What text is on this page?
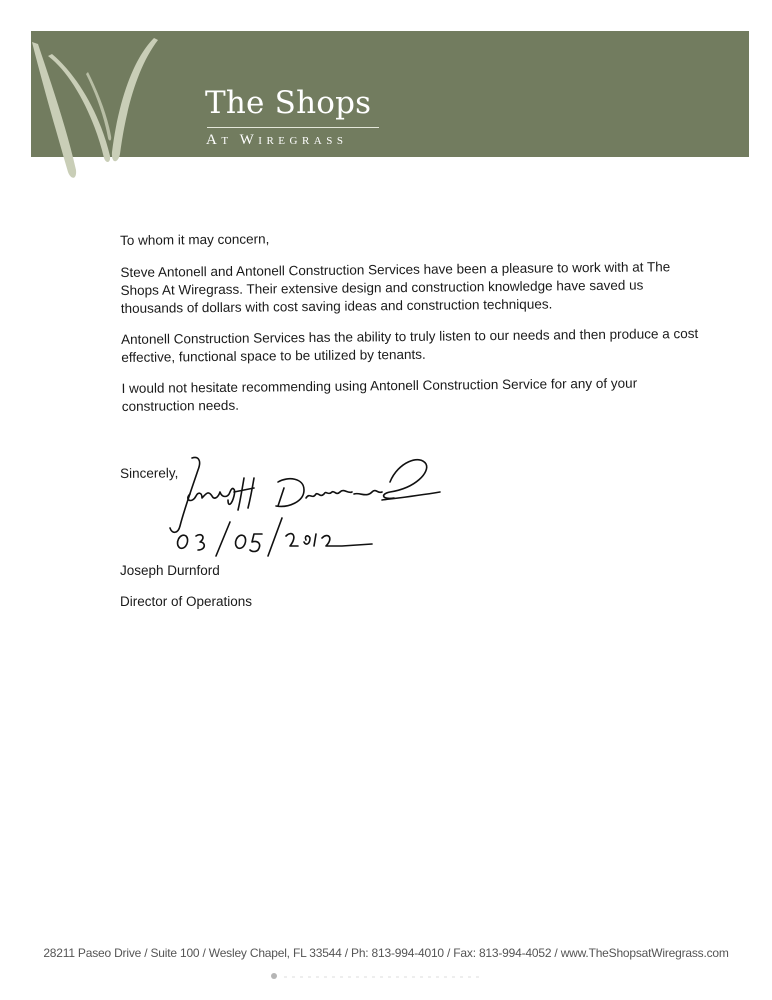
The Shops
AT WIREGRASS

To whom it may concern,

Steve Antonell and Antonell Construction Services have been a pleasure to work with at The Shops At Wiregrass. Their extensive design and construction knowledge have saved us thousands of dollars with cost saving ideas and construction techniques.

Antonell Construction Services has the ability to truly listen to our needs and then produce a cost effective, functional space to be utilized by tenants.

I would not hesitate recommending using Antonell Construction Service for any of your construction needs.

Sincerely,
Joseph Durnford
Director of Operations
28211 Paseo Drive / Suite 100 / Wesley Chapel, FL 33544 / Ph: 813-994-4010 / Fax: 813-994-4052 / www.TheShopsatWiregrass.com
